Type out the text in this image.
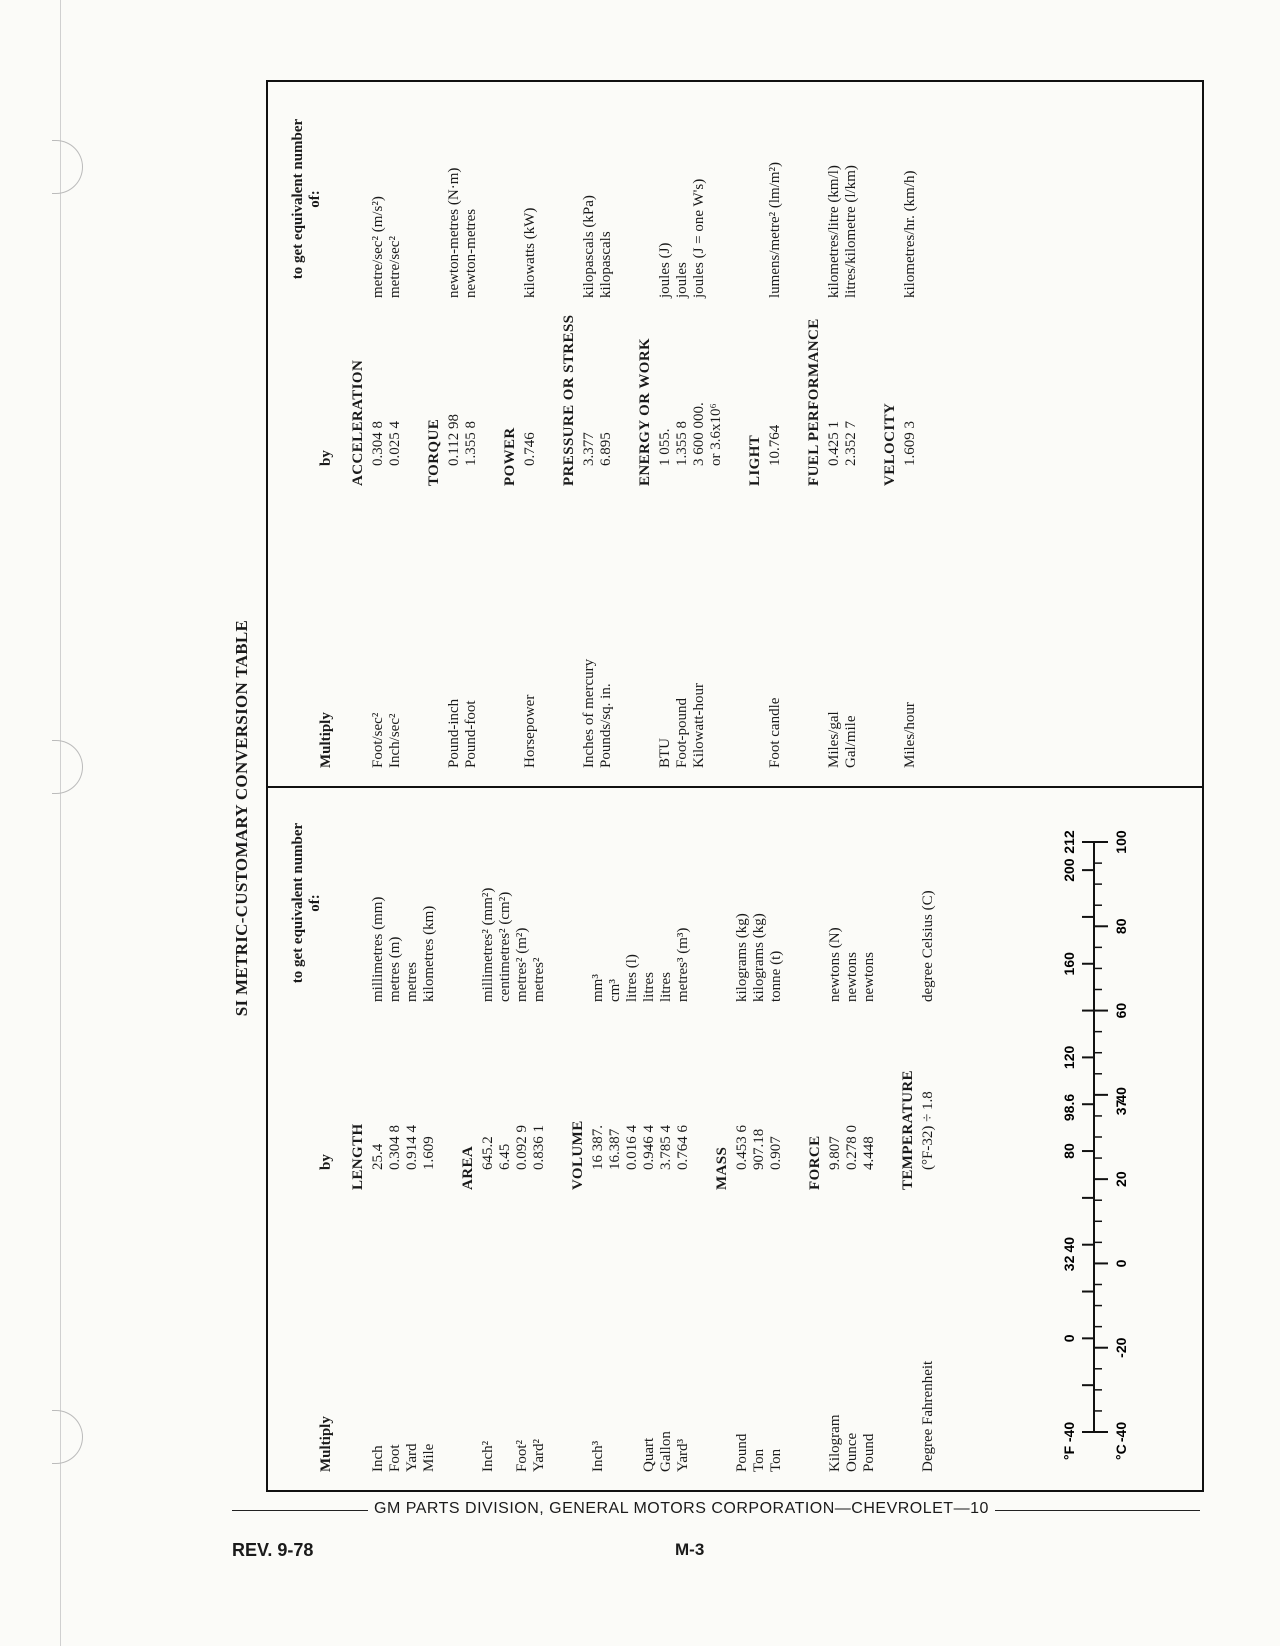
SI METRIC-CUSTOMARY CONVERSION TABLE
Multiply
by
to get equivalent number of:
LENGTH
Inch
25.4
millimetres (mm)
Foot
0.304 8
metres (m)
Yard
0.914 4
metres
Mile
1.609
kilometres (km)
AREA
Inch²
645.2
millimetres² (mm²)
6.45
centimetres² (cm²)
Foot²
0.092 9
metres² (m²)
Yard²
0.836 1
metres²
VOLUME
Inch³
16 387.
mm³
16.387
cm³
0.016 4
litres (l)
Quart
0.946 4
litres
Gallon
3.785 4
litres
Yard³
0.764 6
metres³ (m³)
MASS
Pound
0.453 6
kilograms (kg)
Ton
907.18
kilograms (kg)
Ton
0.907
tonne (t)
FORCE
Kilogram
9.807
newtons (N)
Ounce
0.278 0
newtons
Pound
4.448
newtons
TEMPERATURE
Degree Fahrenheit
(°F-32) ÷ 1.8
degree Celsius (C)
-40
0
32
40
80
98.6
120
160
200
212
-40
-20
0
20
37
40
60
80
100
°F	°C
Multiply
by
to get equivalent number of:
ACCELERATION
Foot/sec²
0.304 8
metre/sec² (m/s²)
Inch/sec²
0.025 4
metre/sec²
TORQUE
Pound-inch
0.112 98
newton-metres (N·m)
Pound-foot
1.355 8
newton-metres
POWER
Horsepower
0.746
kilowatts (kW)
PRESSURE OR STRESS
Inches of mercury
3.377
kilopascals (kPa)
Pounds/sq. in.
6.895
kilopascals
ENERGY OR WORK
BTU
1 055.
joules (J)
Foot-pound
1.355 8
joules
Kilowatt-hour
3 600 000.
joules (J = one W's)
or 3.6x10⁶ LIGHT
Foot candle
10.764
lumens/metre² (lm/m²)
FUEL PERFORMANCE
Miles/gal
0.425 1
kilometres/litre (km/l)
Gal/mile
2.352 7
litres/kilometre (l/km)
VELOCITY
Miles/hour
1.609 3
kilometres/hr. (km/h)
GM PARTS DIVISION, GENERAL MOTORS CORPORATION—CHEVROLET—10
REV. 9-78	M-3
